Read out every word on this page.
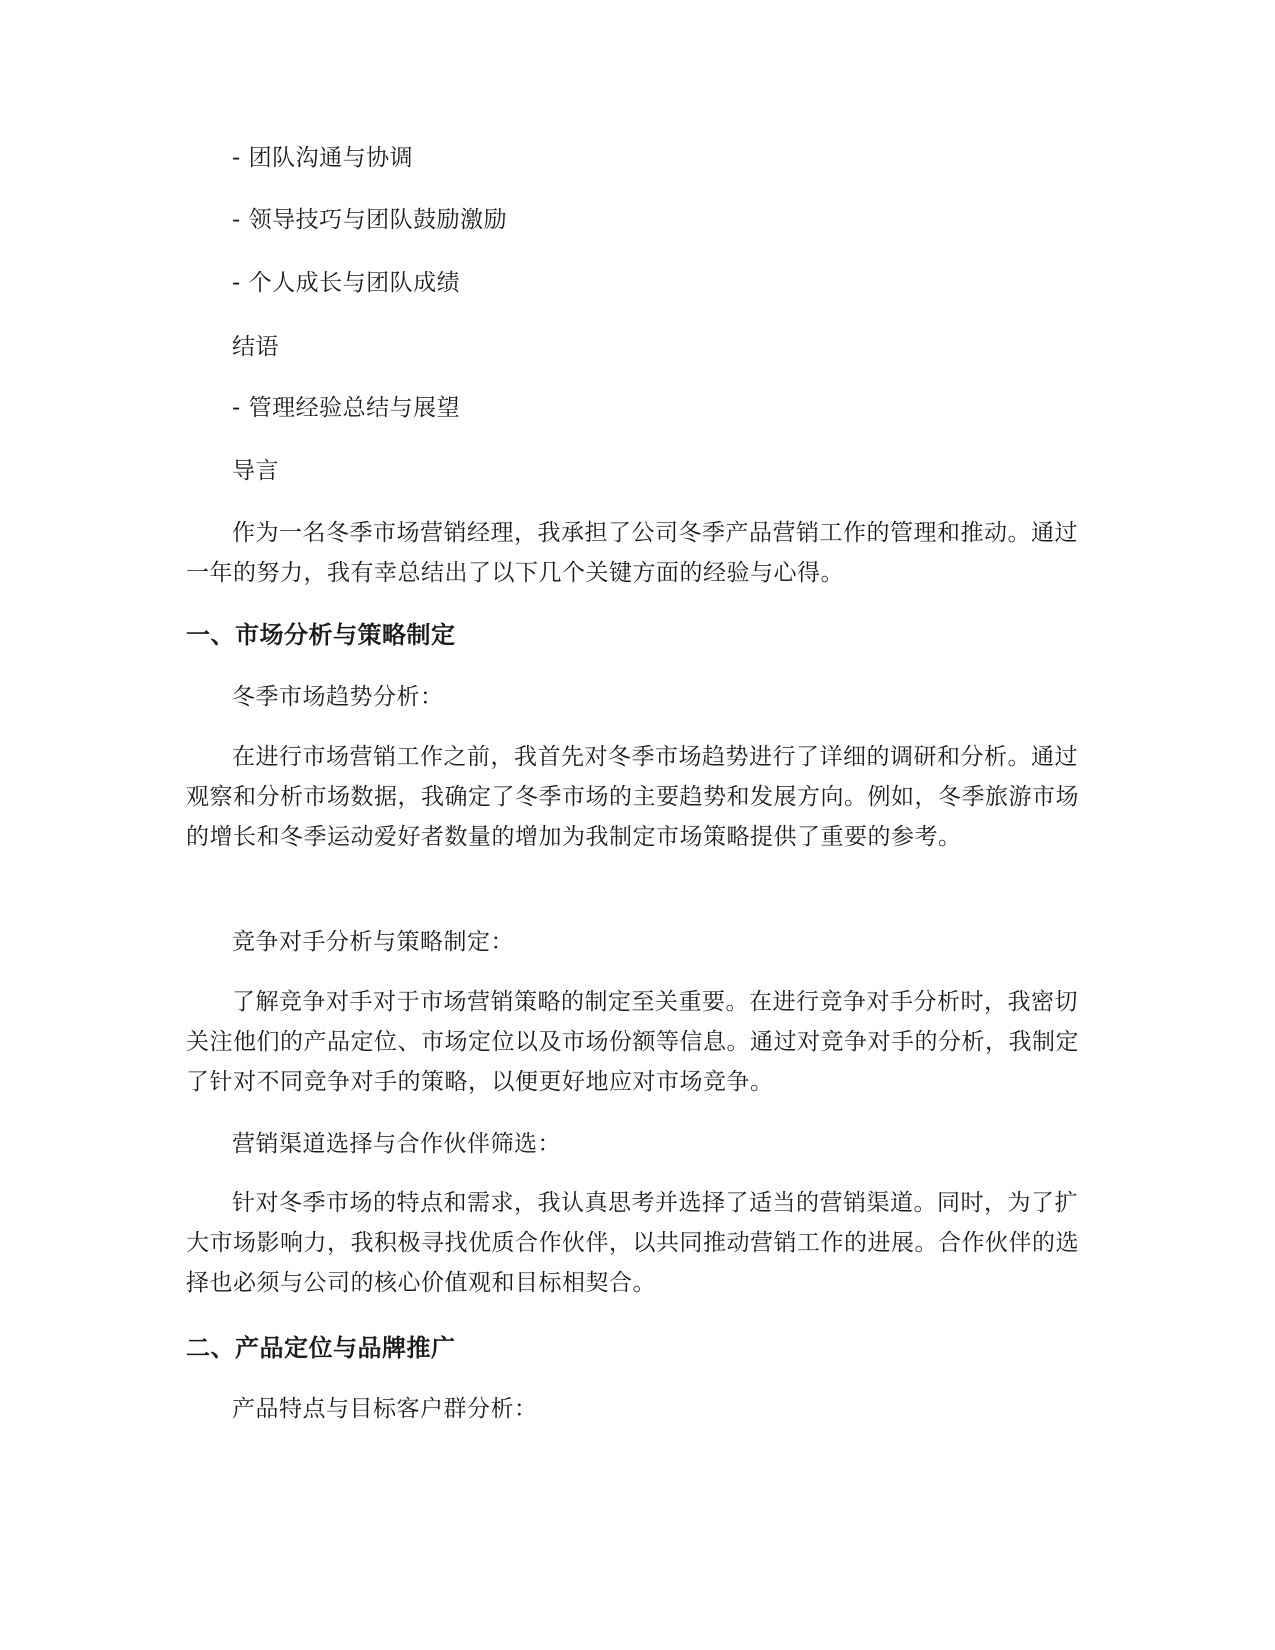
- 团队沟通与协调

- 领导技巧与团队鼓励激励

- 个人成长与团队成绩

结语

- 管理经验总结与展望

导言

作为一名冬季市场营销经理，我承担了公司冬季产品营销工作的管理和推动。通过一年的努力，我有幸总结出了以下几个关键方面的经验与心得。

一、市场分析与策略制定

冬季市场趋势分析：

在进行市场营销工作之前，我首先对冬季市场趋势进行了详细的调研和分析。通过观察和分析市场数据，我确定了冬季市场的主要趋势和发展方向。例如，冬季旅游市场的增长和冬季运动爱好者数量的增加为我制定市场策略提供了重要的参考。

竞争对手分析与策略制定：

了解竞争对手对于市场营销策略的制定至关重要。在进行竞争对手分析时，我密切关注他们的产品定位、市场定位以及市场份额等信息。通过对竞争对手的分析，我制定了针对不同竞争对手的策略，以便更好地应对市场竞争。

营销渠道选择与合作伙伴筛选：

针对冬季市场的特点和需求，我认真思考并选择了适当的营销渠道。同时，为了扩大市场影响力，我积极寻找优质合作伙伴，以共同推动营销工作的进展。合作伙伴的选择也必须与公司的核心价值观和目标相契合。

二、产品定位与品牌推广

产品特点与目标客户群分析：
